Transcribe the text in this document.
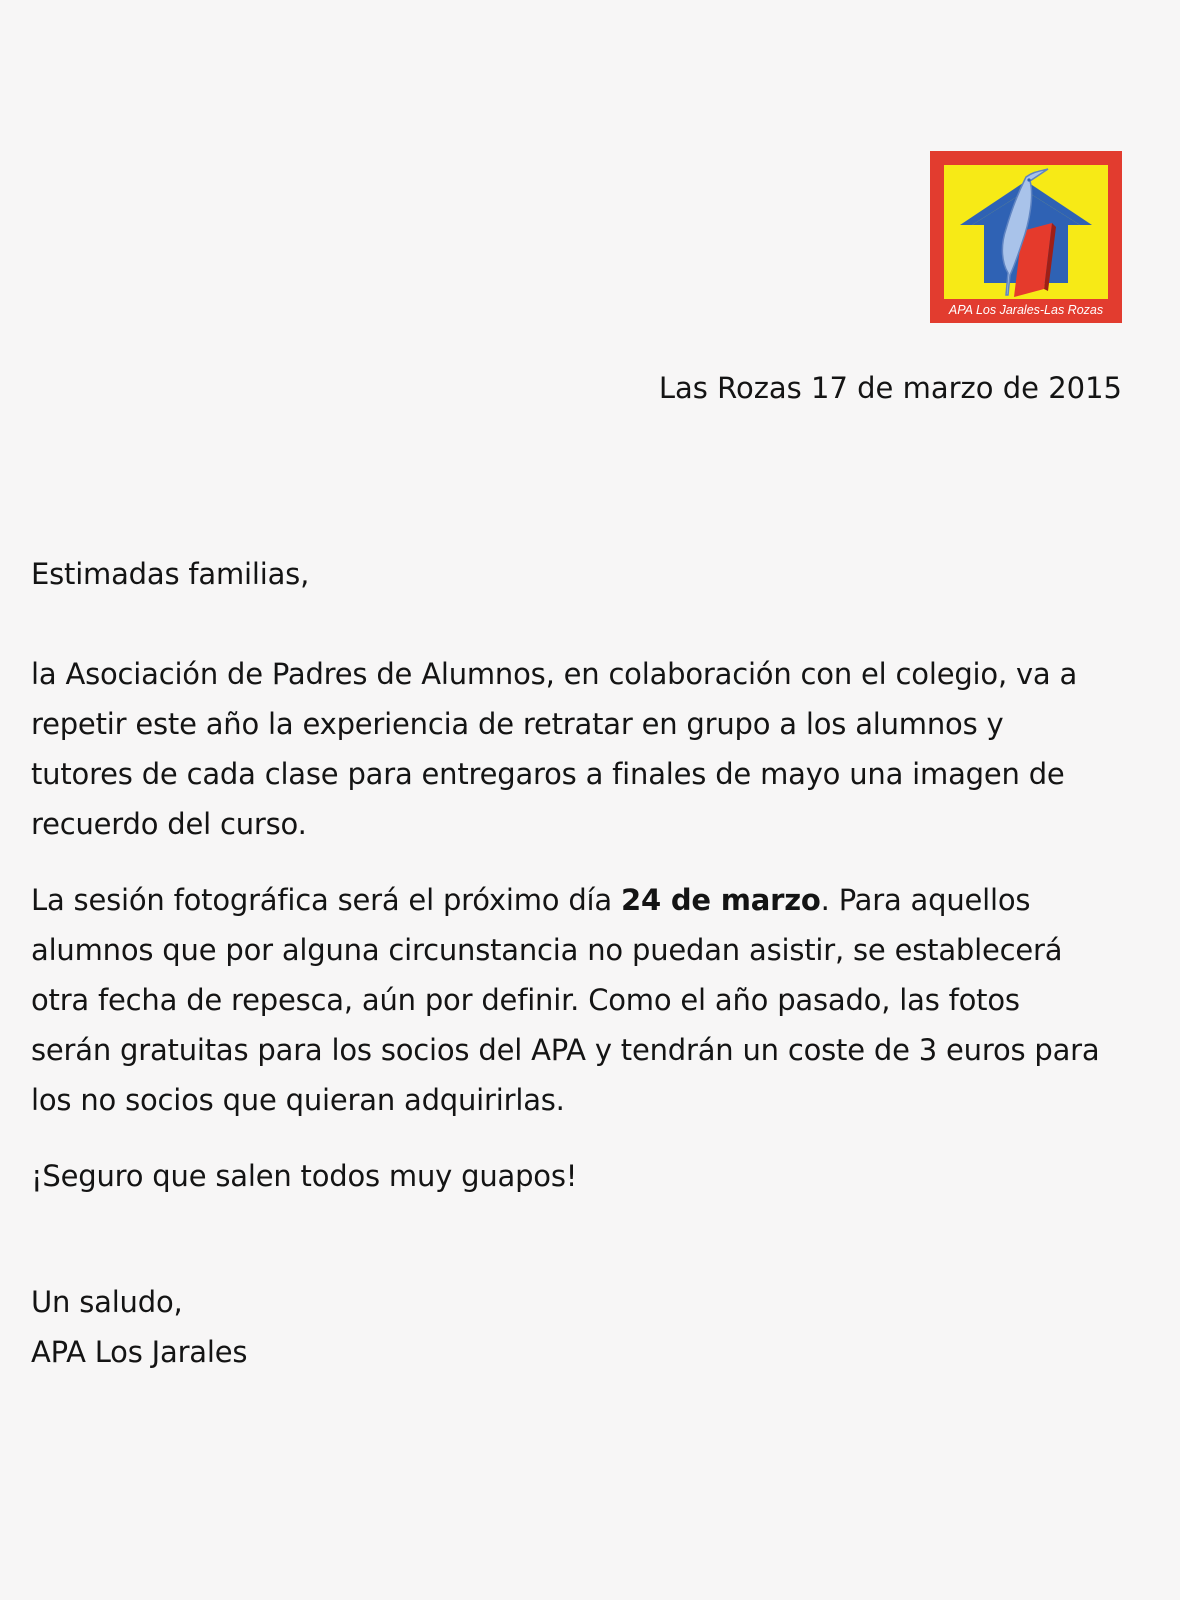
APA Los Jarales-Las Rozas
Las Rozas 17 de marzo de 2015

Estimadas familias,

la Asociación de Padres de Alumnos, en colaboración con el colegio, va a
repetir este año la experiencia de retratar en grupo a los alumnos y
tutores de cada clase para entregaros a finales de mayo una imagen de
recuerdo del curso.

La sesión fotográfica será el próximo día 24 de marzo. Para aquellos
alumnos que por alguna circunstancia no puedan asistir, se establecerá
otra fecha de repesca, aún por definir. Como el año pasado, las fotos
serán gratuitas para los socios del APA y tendrán un coste de 3 euros para
los no socios que quieran adquirirlas.

¡Seguro que salen todos muy guapos!

Un saludo,

APA Los Jarales
